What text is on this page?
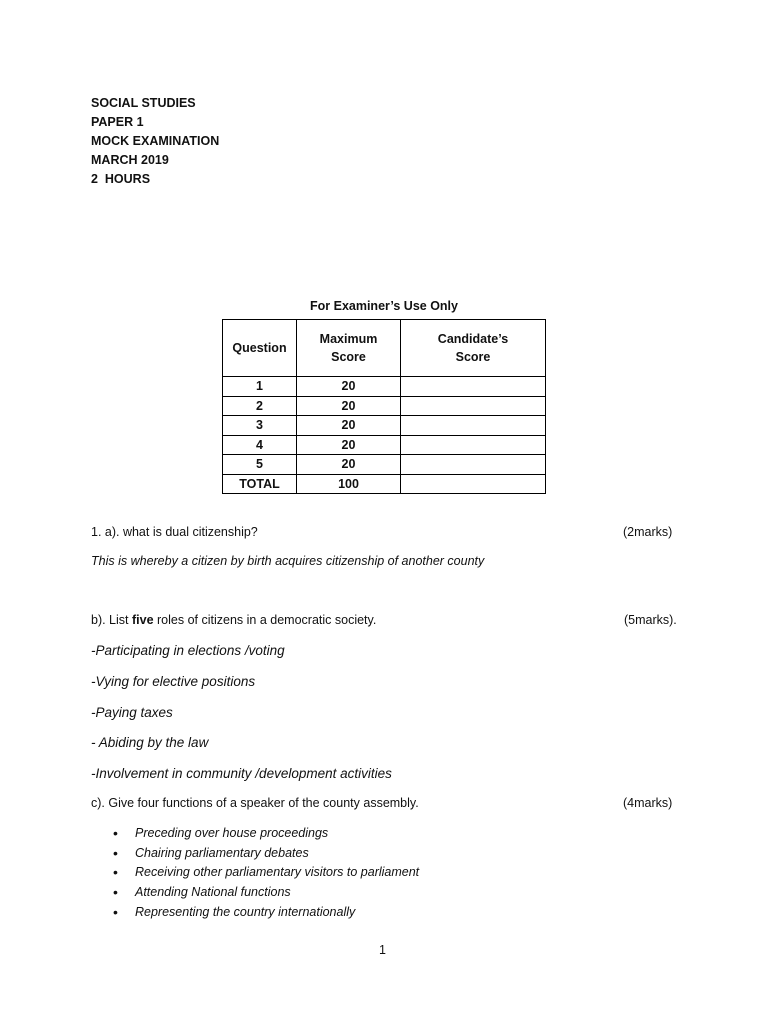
SOCIAL STUDIES
PAPER 1
MOCK EXAMINATION
MARCH 2019
2  HOURS
For Examiner’s Use Only
Question	Maximum Score	Candidate’s Score
1	20	
2	20	
3	20	
4	20	
5	20	
TOTAL	100	
1. a). what is dual citizenship?	(2marks)
This is whereby a citizen by birth acquires citizenship of another county
b). List five roles of citizens in a democratic society.	(5marks).
-Participating in elections /voting
-Vying for elective positions
-Paying taxes
- Abiding by the law
-Involvement in community /development activities
c). Give four functions of a speaker of the county assembly.	(4marks)
• Preceding over house proceedings
• Chairing parliamentary debates
• Receiving other parliamentary visitors to parliament
• Attending National functions
• Representing the country internationally
1
